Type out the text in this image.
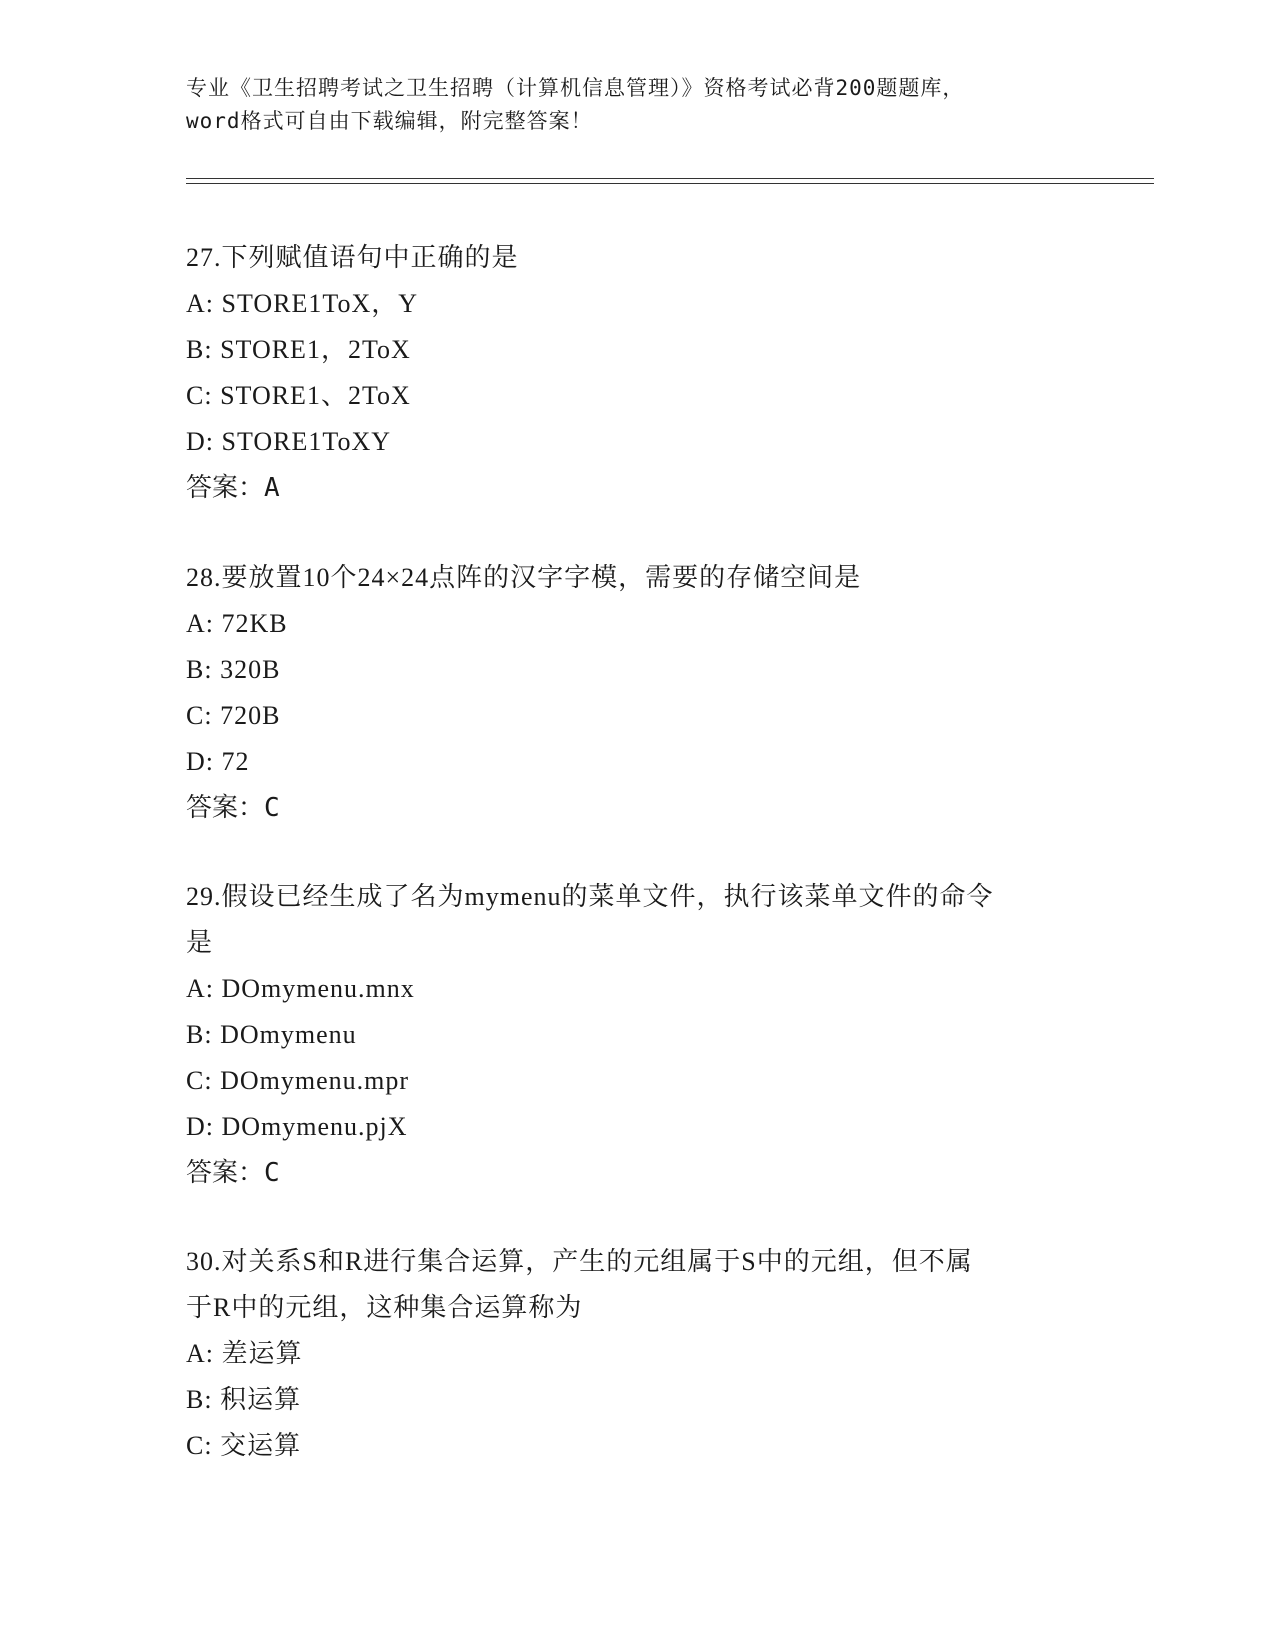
专业《卫生招聘考试之卫生招聘（计算机信息管理）》资格考试必背200题题库，
word格式可自由下载编辑，附完整答案！
27.下列赋值语句中正确的是
A: STORE1ToX，Y
B: STORE1，2ToX
C: STORE1、2ToX
D: STORE1ToXY
答案：A
28.要放置10个24×24点阵的汉字字模，需要的存储空间是
A: 72KB
B: 320B
C: 720B
D: 72
答案：C
29.假设已经生成了名为mymenu的菜单文件，执行该菜单文件的命令
是
A: DOmymenu.mnx
B: DOmymenu
C: DOmymenu.mpr
D: DOmymenu.pjX
答案：C
30.对关系S和R进行集合运算，产生的元组属于S中的元组，但不属
于R中的元组，这种集合运算称为
A: 差运算
B: 积运算
C: 交运算
